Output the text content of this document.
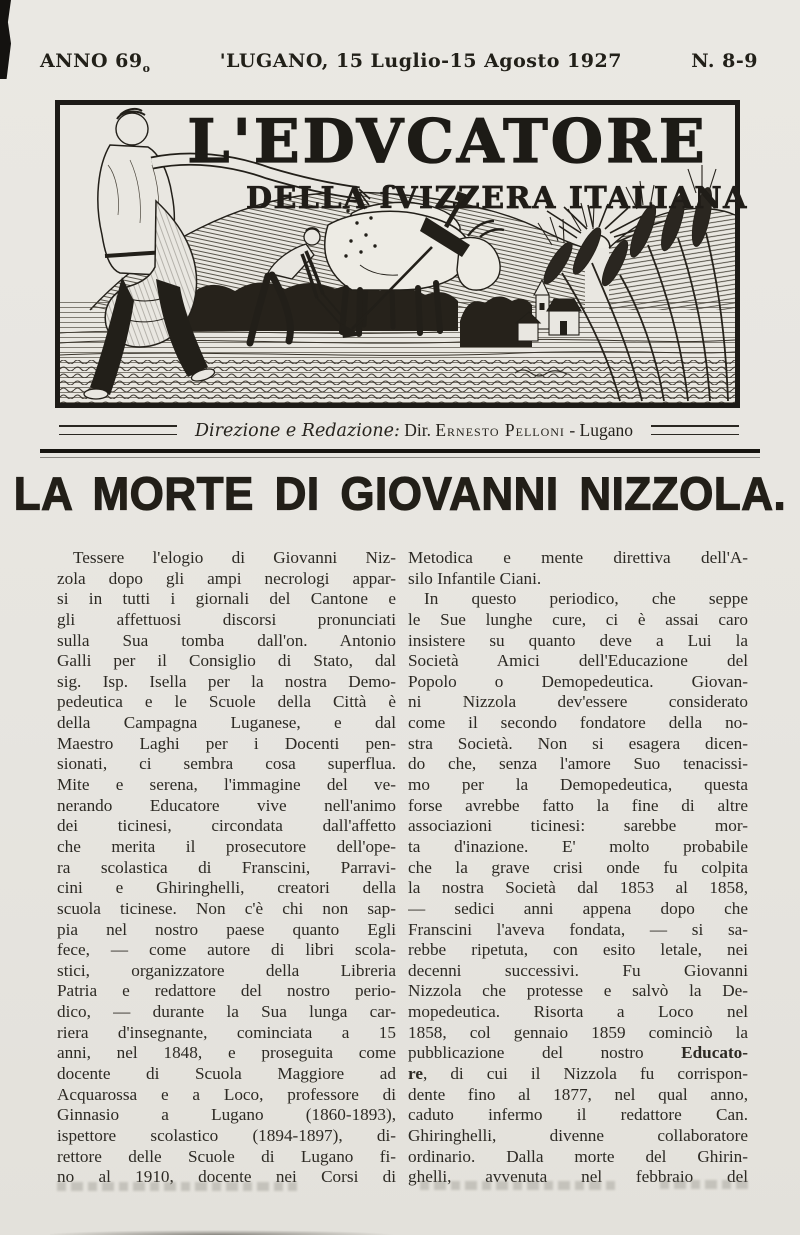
ANNO $69_o$	'LUGANO, 15 Luglio-15 Agosto 1927	N. 8-9
L'EDVCATORE
DELLA ſVIZZERA ITALIANA
Direzione e Redazione: Dir. Ernesto Pelloni - Lugano
LA MORTE DI GIOVANNI NIZZOLA.
Tessere l'elogio di Giovanni Niz-
zola dopo gli ampi necrologi appar-
si in tutti i giornali del Cantone e
gli affettuosi discorsi pronunciati
sulla Sua tomba dall'on. Antonio
Galli per il Consiglio di Stato, dal
sig. Isp. Isella per la nostra Demo-
pedeutica e le Scuole della Città è
della Campagna Luganese, e dal
Maestro Laghi per i Docenti pen-
sionati, ci sembra cosa superflua.
Mite e serena, l'immagine del ve-
nerando Educatore vive nell'animo
dei ticinesi, circondata dall'affetto
che merita il prosecutore dell'ope-
ra scolastica di Franscini, Parravi-
cini e Ghiringhelli, creatori della
scuola ticinese. Non c'è chi non sap-
pia nel nostro paese quanto Egli
fece, — come autore di libri scola-
stici, organizzatore della Libreria
Patria e redattore del nostro perio-
dico, — durante la Sua lunga car-
riera d'insegnante, cominciata a 15
anni, nel 1848, e proseguita come
docente di Scuola Maggiore ad
Acquarossa e a Loco, professore di
Ginnasio a Lugano (1860-1893),
ispettore scolastico (1894-1897), di-
rettore delle Scuole di Lugano fi-
no al 1910, docente nei Corsi di
Metodica e mente direttiva dell'A-
silo Infantile Ciani.
In questo periodico, che seppe
le Sue lunghe cure, ci è assai caro
insistere su quanto deve a Lui la
Società Amici dell'Educazione del
Popolo o Demopedeutica. Giovan-
ni Nizzola dev'essere considerato
come il secondo fondatore della no-
stra Società. Non si esagera dicen-
do che, senza l'amore Suo tenacissi-
mo per la Demopedeutica, questa
forse avrebbe fatto la fine di altre
associazioni ticinesi: sarebbe mor-
ta d'inazione. E' molto probabile
che la grave crisi onde fu colpita
la nostra Società dal 1853 al 1858,
— sedici anni appena dopo che
Franscini l'aveva fondata, — si sa-
rebbe ripetuta, con esito letale, nei
decenni successivi. Fu Giovanni
Nizzola che protesse e salvò la De-
mopedeutica. Risorta a Loco nel
1858, col gennaio 1859 cominciò la
pubblicazione del nostro Educato-
re, di cui il Nizzola fu corrispon-
dente fino al 1877, nel qual anno,
caduto infermo il redattore Can.
Ghiringhelli, divenne collaboratore
ordinario. Dalla morte del Ghirin-
ghelli, avvenuta nel febbraio del
